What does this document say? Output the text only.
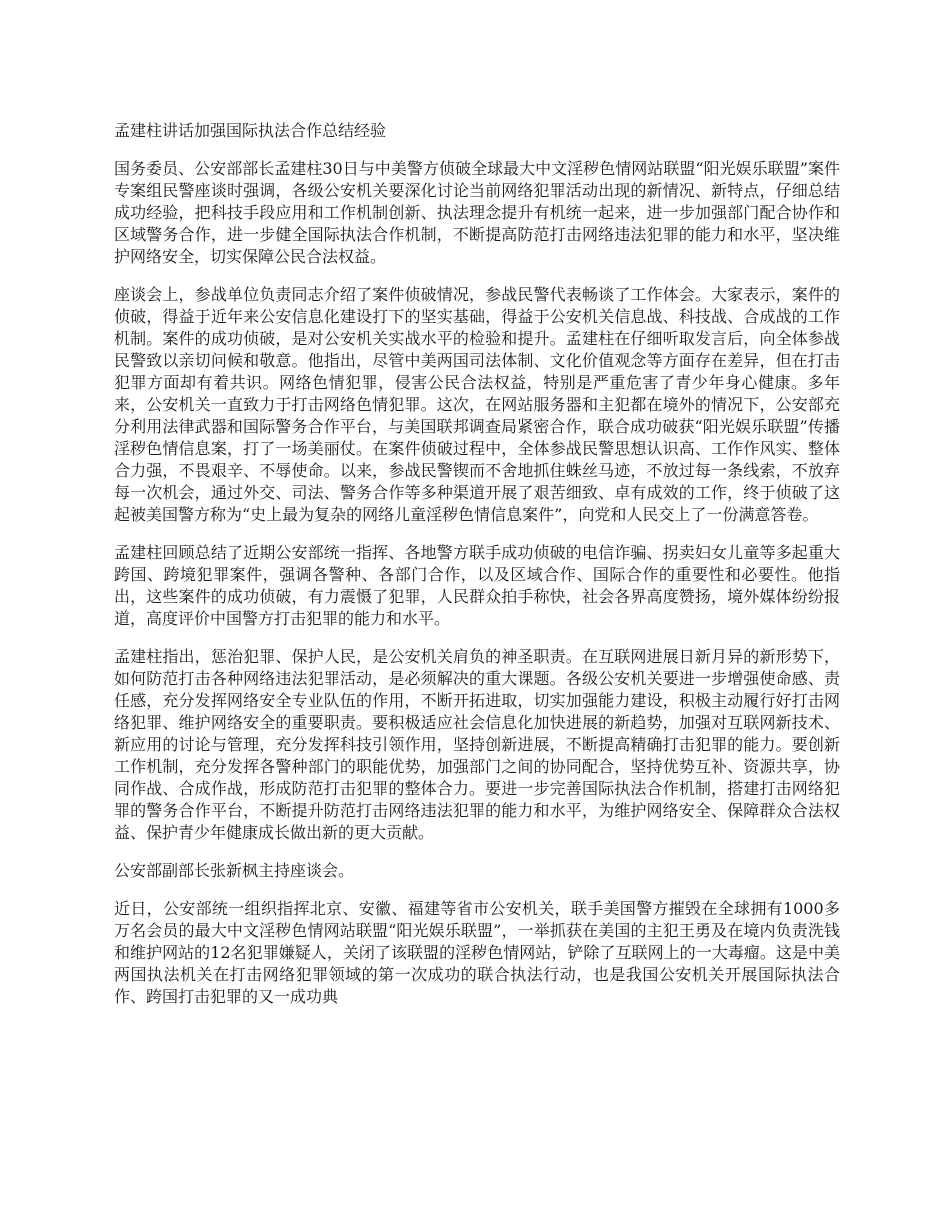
孟建柱讲话加强国际执法合作总结经验

国务委员、公安部部长孟建柱30日与中美警方侦破全球最大中文淫秽色情网站联盟“阳光娱乐联盟”案件专案组民警座谈时强调，各级公安机关要深化讨论当前网络犯罪活动出现的新情况、新特点，仔细总结成功经验，把科技手段应用和工作机制创新、执法理念提升有机统一起来，进一步加强部门配合协作和区域警务合作，进一步健全国际执法合作机制，不断提高防范打击网络违法犯罪的能力和水平，坚决维护网络安全，切实保障公民合法权益。

座谈会上，参战单位负责同志介绍了案件侦破情况，参战民警代表畅谈了工作体会。大家表示，案件的侦破，得益于近年来公安信息化建设打下的坚实基础，得益于公安机关信息战、科技战、合成战的工作机制。案件的成功侦破，是对公安机关实战水平的检验和提升。孟建柱在仔细听取发言后，向全体参战民警致以亲切问候和敬意。他指出，尽管中美两国司法体制、文化价值观念等方面存在差异，但在打击犯罪方面却有着共识。网络色情犯罪，侵害公民合法权益，特别是严重危害了青少年身心健康。多年来，公安机关一直致力于打击网络色情犯罪。这次，在网站服务器和主犯都在境外的情况下，公安部充分利用法律武器和国际警务合作平台，与美国联邦调查局紧密合作，联合成功破获“阳光娱乐联盟”传播淫秽色情信息案，打了一场美丽仗。在案件侦破过程中，全体参战民警思想认识高、工作作风实、整体合力强，不畏艰辛、不辱使命。以来，参战民警锲而不舍地抓住蛛丝马迹，不放过每一条线索，不放弃每一次机会，通过外交、司法、警务合作等多种渠道开展了艰苦细致、卓有成效的工作，终于侦破了这起被美国警方称为“史上最为复杂的网络儿童淫秽色情信息案件”，向党和人民交上了一份满意答卷。

孟建柱回顾总结了近期公安部统一指挥、各地警方联手成功侦破的电信诈骗、拐卖妇女儿童等多起重大跨国、跨境犯罪案件，强调各警种、各部门合作，以及区域合作、国际合作的重要性和必要性。他指出，这些案件的成功侦破，有力震慑了犯罪，人民群众拍手称快，社会各界高度赞扬，境外媒体纷纷报道，高度评价中国警方打击犯罪的能力和水平。

孟建柱指出，惩治犯罪、保护人民，是公安机关肩负的神圣职责。在互联网进展日新月异的新形势下，如何防范打击各种网络违法犯罪活动，是必须解决的重大课题。各级公安机关要进一步增强使命感、责任感，充分发挥网络安全专业队伍的作用，不断开拓进取，切实加强能力建设，积极主动履行好打击网络犯罪、维护网络安全的重要职责。要积极适应社会信息化加快进展的新趋势，加强对互联网新技术、新应用的讨论与管理，充分发挥科技引领作用，坚持创新进展，不断提高精确打击犯罪的能力。要创新工作机制，充分发挥各警种部门的职能优势，加强部门之间的协同配合，坚持优势互补、资源共享，协同作战、合成作战，形成防范打击犯罪的整体合力。要进一步完善国际执法合作机制，搭建打击网络犯罪的警务合作平台，不断提升防范打击网络违法犯罪的能力和水平，为维护网络安全、保障群众合法权益、保护青少年健康成长做出新的更大贡献。

公安部副部长张新枫主持座谈会。

近日，公安部统一组织指挥北京、安徽、福建等省市公安机关，联手美国警方摧毁在全球拥有1000多万名会员的最大中文淫秽色情网站联盟“阳光娱乐联盟”，一举抓获在美国的主犯王勇及在境内负责洗钱和维护网站的12名犯罪嫌疑人，关闭了该联盟的淫秽色情网站，铲除了互联网上的一大毒瘤。这是中美两国执法机关在打击网络犯罪领域的第一次成功的联合执法行动，也是我国公安机关开展国际执法合作、跨国打击犯罪的又一成功典
